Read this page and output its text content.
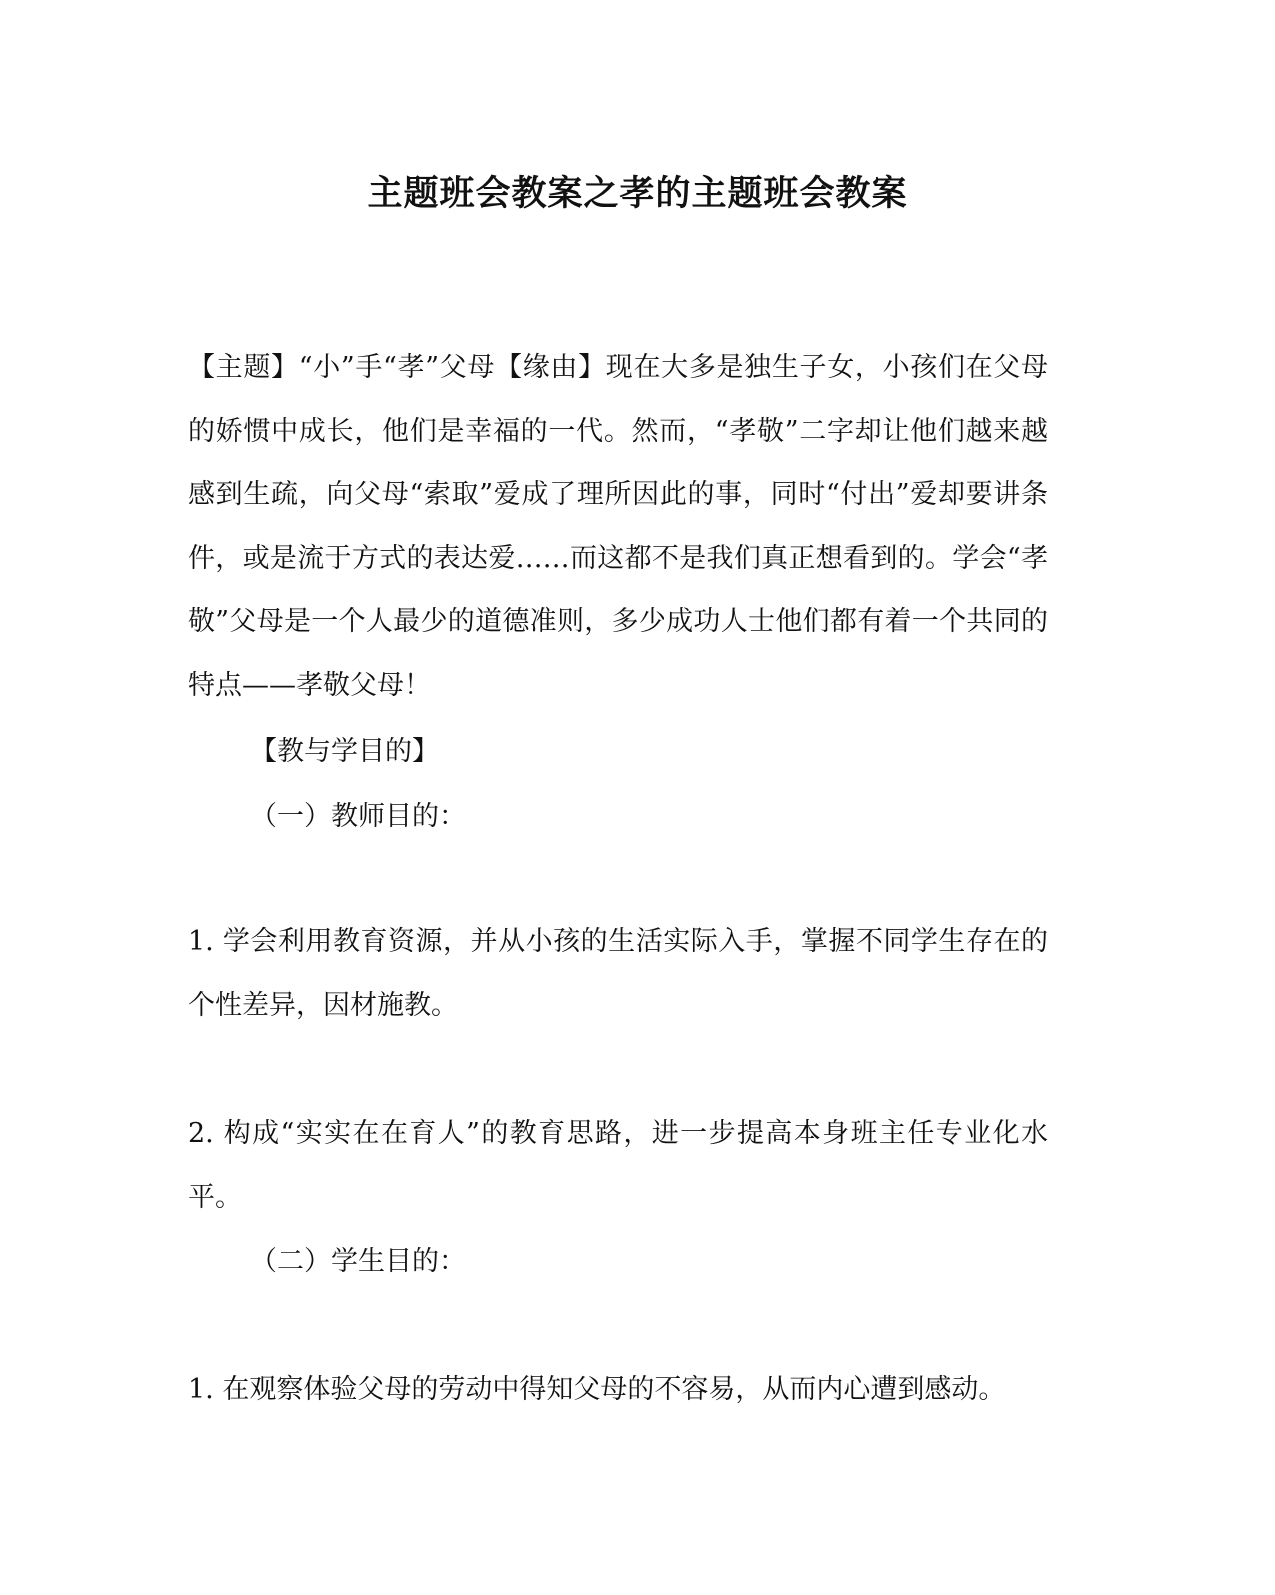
主题班会教案之孝的主题班会教案

【主题】“小”手“孝”父母【缘由】现在大多是独生子女，小孩们在父母的娇惯中成长，他们是幸福的一代。然而，“孝敬”二字却让他们越来越感到生疏，向父母“索取”爱成了理所因此的事，同时“付出”爱却要讲条件，或是流于方式的表达爱……而这都不是我们真正想看到的。学会“孝敬”父母是一个人最少的道德准则，多少成功人士他们都有着一个共同的特点——孝敬父母！

【教与学目的】

（一）教师目的：

1. 学会利用教育资源，并从小孩的生活实际入手，掌握不同学生存在的个性差异，因材施教。

2. 构成“实实在在育人”的教育思路，进一步提高本身班主任专业化水平。

（二）学生目的：

1. 在观察体验父母的劳动中得知父母的不容易，从而内心遭到感动。
